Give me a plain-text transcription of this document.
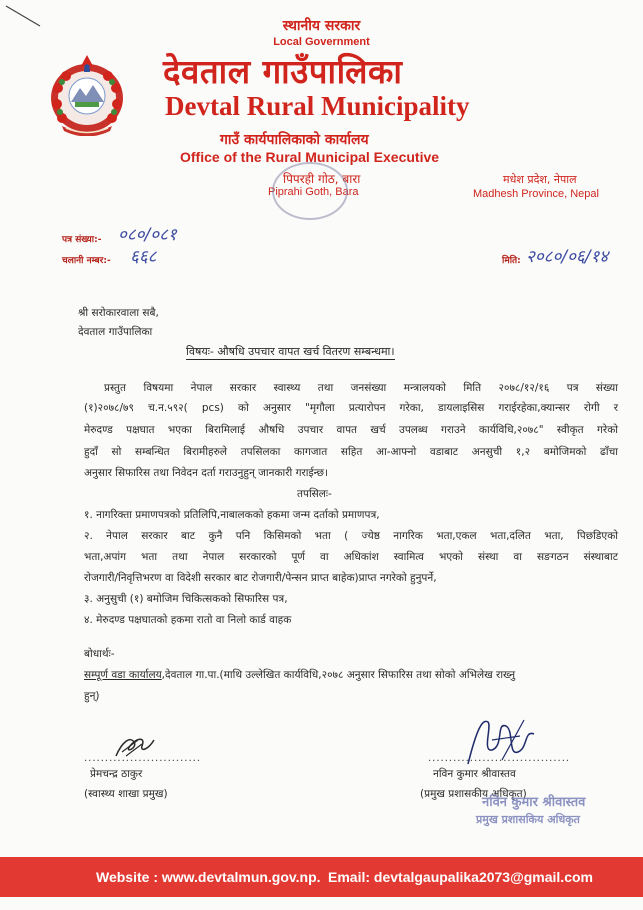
स्थानीय सरकार
Local Government
देवताल गाउँपालिका
Devtal Rural Municipality
गाउँ कार्यपालिकाको कार्यालय
Office of the Rural Municipal Executive
पिपरही गोठ, बारा
Piprahi Goth, Bara
मधेश प्रदेश, नेपाल
Madhesh Province, Nepal
पत्र संख्या:- ०८०/०८१
चलानी नम्बर:- ६६८	मिति: २०८०/०६/१४
श्री सरोकारवाला सबै,
देवताल गाउँपालिका
विषयः- औषधि उपचार वापत खर्च वितरण सम्बन्धमा।
प्रस्तुत विषयमा नेपाल सरकार स्वास्थ्य तथा जनसंख्या मन्त्रालयको मिति २०७८/१२/१६ पत्र संख्या
(१)२०७८/७९ च.न.५९२( pcs) को अनुसार "मृगौला प्रत्यारोपन गरेका, डायलाइसिस गराईरहेका,क्यान्सर रोगी र
मेरुदण्ड पक्षघात भएका बिरामिलाई औषधि उपचार वापत खर्च उपलब्ध गराउने कार्यविधि,२०७८" स्वीकृत गरेको
हुदाँ सो सम्बन्धित बिरामीहरुले तपसिलका कागजात सहित आ-आफ्नो वडाबाट अनसुची १,२ बमोजिमको ढाँचा
अनुसार सिफारिस तथा निवेदन दर्ता गराउनुहुन् जानकारी गराईन्छ।
तपसिलः-
१. नागरिक्ता प्रमाणपत्रको प्रतिलिपि,नाबालकको हकमा जन्म दर्ताको प्रमाणपत्र,
२. नेपाल सरकार बाट कुनै पनि किसिमको भता ( ज्येष्ठ नागरिक भता,एकल भता,दलित भता, पिछडिएको
भता,अपांग भता तथा नेपाल सरकारको पूर्ण वा अधिकांश स्वामित्व भएको संस्था वा सङगठन संस्थाबाट
रोजगारी/निवृत्तिभरण वा विदेशी सरकार बाट रोजगारी/पेन्सन प्राप्त बाहेक)प्राप्त नगरेको हुनुपर्ने,
३. अनुसुची (१) बमोजिम चिकित्सकको सिफारिस पत्र,
४. मेरुदण्ड पक्षघातको हकमा रातो वा निलो कार्ड वाहक
बोधार्थः-
सम्पूर्ण वडा कार्यालय,देवताल गा.पा.(माथि उल्लेखित कार्यविधि,२०७८ अनुसार सिफारिस तथा सोको अभिलेख राख्नु
हुन्)
............................
प्रेमचन्द्र ठाकुर
(स्वास्थ्य शाखा प्रमुख)
..................................
नविन कुमार श्रीवास्तव
(प्रमुख प्रशासकीय अधिकृत)
नविन कुमार श्रीवास्तव
प्रमुख प्रशासकिय अधिकृत
Website : www.devtalmun.gov.np. Email: devtalgaupalika2073@gmail.com
